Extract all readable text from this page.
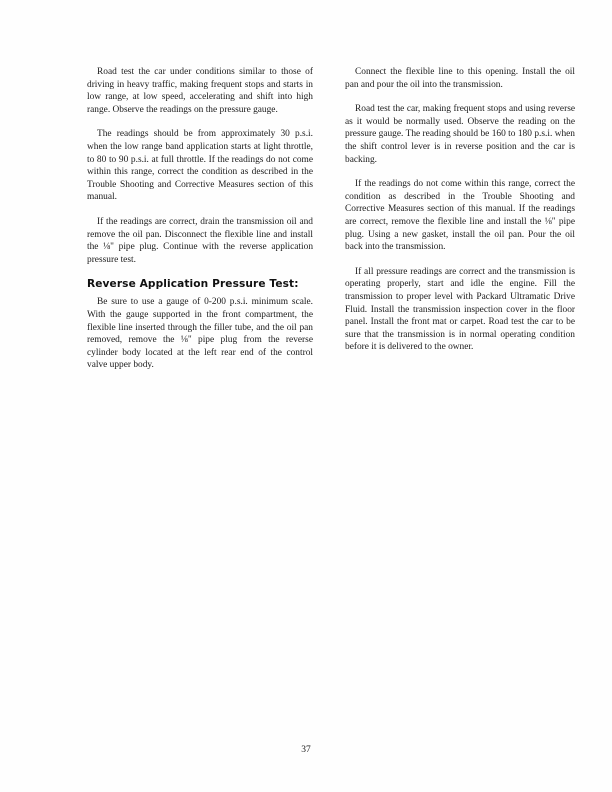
Road test the car under conditions similar to those of driving in heavy traffic, making frequent stops and starts in low range, at low speed, accelerating and shift into high range. Observe the readings on the pressure gauge.

The readings should be from approximately 30 p.s.i. when the low range band application starts at light throttle, to 80 to 90 p.s.i. at full throttle. If the readings do not come within this range, correct the condition as described in the Trouble Shooting and Corrective Measures section of this manual.

If the readings are correct, drain the transmission oil and remove the oil pan. Disconnect the flexible line and install the ⅛" pipe plug. Continue with the reverse application pressure test.

Reverse Application Pressure Test:

Be sure to use a gauge of 0-200 p.s.i. minimum scale. With the gauge supported in the front compartment, the flexible line inserted through the filler tube, and the oil pan removed, remove the ⅛" pipe plug from the reverse cylinder body located at the left rear end of the control valve upper body.

Connect the flexible line to this opening. Install the oil pan and pour the oil into the transmission.

Road test the car, making frequent stops and using reverse as it would be normally used. Observe the reading on the pressure gauge. The reading should be 160 to 180 p.s.i. when the shift control lever is in reverse position and the car is backing.

If the readings do not come within this range, correct the condition as described in the Trouble Shooting and Corrective Measures section of this manual. If the readings are correct, remove the flexible line and install the ⅛" pipe plug. Using a new gasket, install the oil pan. Pour the oil back into the transmission.

If all pressure readings are correct and the transmission is operating properly, start and idle the engine. Fill the transmission to proper level with Packard Ultramatic Drive Fluid. Install the transmission inspection cover in the floor panel. Install the front mat or carpet. Road test the car to be sure that the transmission is in normal operating condition before it is delivered to the owner.

37
